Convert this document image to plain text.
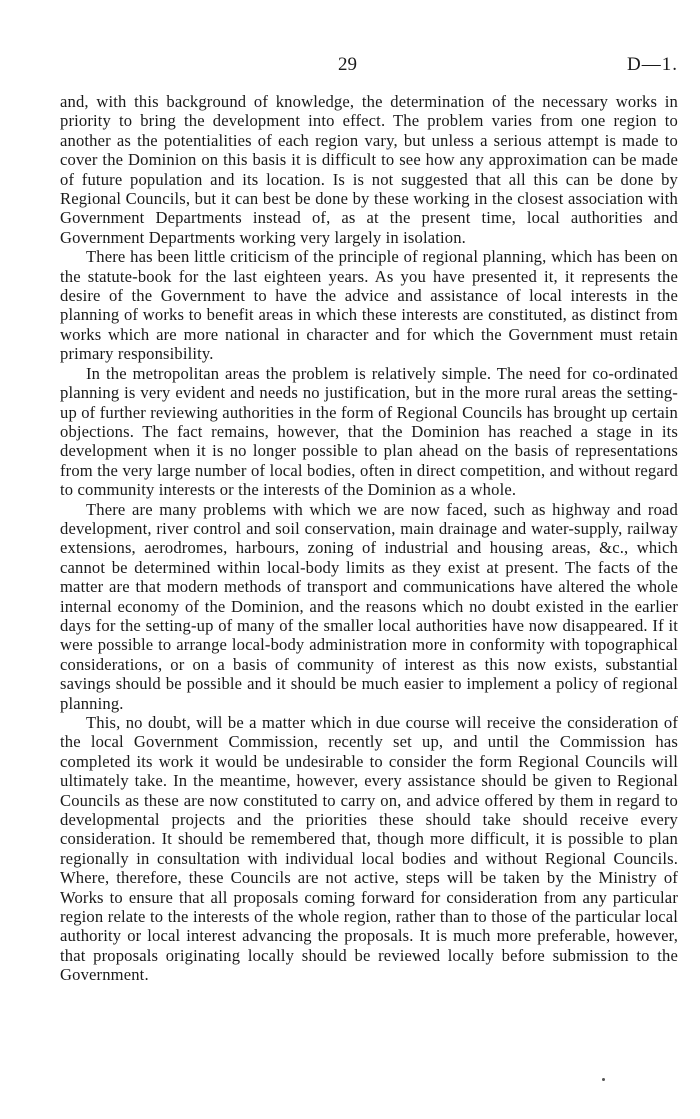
29	D—1.

and, with this background of knowledge, the determination of the necessary works in priority to bring the development into effect. The problem varies from one region to another as the potentialities of each region vary, but unless a serious attempt is made to cover the Dominion on this basis it is difficult to see how any approximation can be made of future population and its location. Is is not suggested that all this can be done by Regional Councils, but it can best be done by these working in the closest association with Government Departments instead of, as at the present time, local authorities and Government Departments working very largely in isolation.

There has been little criticism of the principle of regional planning, which has been on the statute-book for the last eighteen years. As you have presented it, it represents the desire of the Government to have the advice and assistance of local interests in the planning of works to benefit areas in which these interests are constituted, as distinct from works which are more national in character and for which the Government must retain primary responsibility.

In the metropolitan areas the problem is relatively simple. The need for co-ordinated planning is very evident and needs no justification, but in the more rural areas the setting-up of further reviewing authorities in the form of Regional Councils has brought up certain objections. The fact remains, however, that the Dominion has reached a stage in its development when it is no longer possible to plan ahead on the basis of representations from the very large number of local bodies, often in direct competition, and without regard to community interests or the interests of the Dominion as a whole.

There are many problems with which we are now faced, such as highway and road development, river control and soil conservation, main drainage and water-supply, railway extensions, aerodromes, harbours, zoning of industrial and housing areas, &c., which cannot be determined within local-body limits as they exist at present. The facts of the matter are that modern methods of transport and communications have altered the whole internal economy of the Dominion, and the reasons which no doubt existed in the earlier days for the setting-up of many of the smaller local authorities have now disappeared. If it were possible to arrange local-body administration more in conformity with topographical considerations, or on a basis of community of interest as this now exists, substantial savings should be possible and it should be much easier to implement a policy of regional planning.

This, no doubt, will be a matter which in due course will receive the consideration of the local Government Commission, recently set up, and until the Commission has completed its work it would be undesirable to consider the form Regional Councils will ultimately take. In the meantime, however, every assistance should be given to Regional Councils as these are now constituted to carry on, and advice offered by them in regard to developmental projects and the priorities these should take should receive every consideration. It should be remembered that, though more difficult, it is possible to plan regionally in consultation with individual local bodies and without Regional Councils. Where, therefore, these Councils are not active, steps will be taken by the Ministry of Works to ensure that all proposals coming forward for consideration from any particular region relate to the interests of the whole region, rather than to those of the particular local authority or local interest advancing the proposals. It is much more preferable, however, that proposals originating locally should be reviewed locally before submission to the Government.
